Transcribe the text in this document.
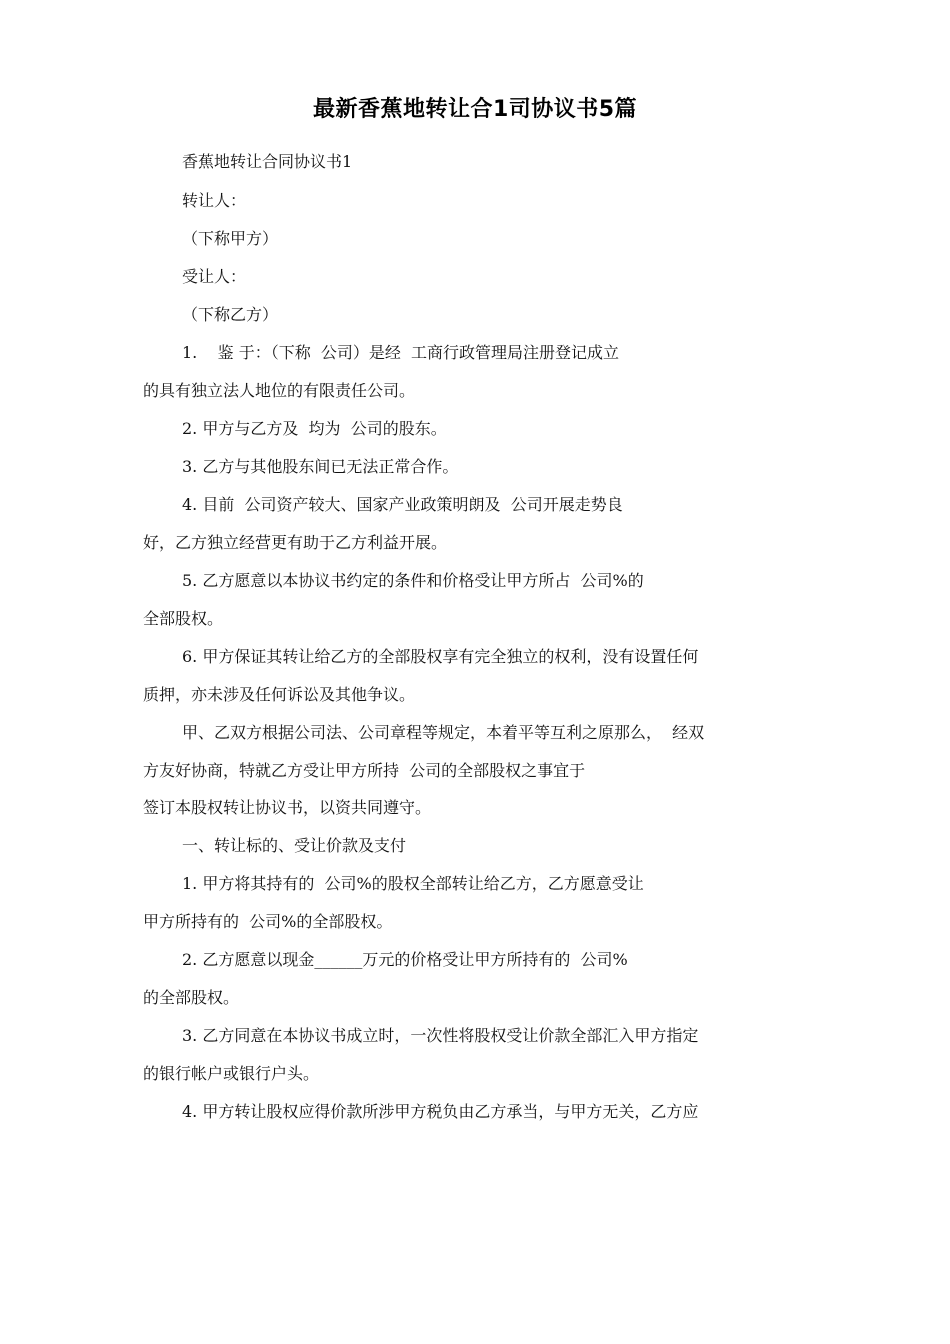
最新香蕉地转让合1司协议书5篇

香蕉地转让合同协议书1

转让人：

（下称甲方）

受让人：

（下称乙方）

1.    鉴 于：（下称  公司）是经  工商行政管理局注册登记成立

的具有独立法人地位的有限责任公司。

2. 甲方与乙方及  均为  公司的股东。

3. 乙方与其他股东间已无法正常合作。

4. 目前  公司资产较大、国家产业政策明朗及  公司开展走势良

好，乙方独立经营更有助于乙方利益开展。

5. 乙方愿意以本协议书约定的条件和价格受让甲方所占  公司%的

全部股权。

6. 甲方保证其转让给乙方的全部股权享有完全独立的权利，没有设置任何

质押，亦未涉及任何诉讼及其他争议。

甲、乙双方根据公司法、公司章程等规定，本着平等互利之原那么，  经双

方友好协商，特就乙方受让甲方所持  公司的全部股权之事宜于

签订本股权转让协议书，以资共同遵守。

一、转让标的、受让价款及支付

1. 甲方将其持有的  公司%的股权全部转让给乙方，乙方愿意受让

甲方所持有的  公司%的全部股权。

2. 乙方愿意以现金______万元的价格受让甲方所持有的  公司%

的全部股权。

3. 乙方同意在本协议书成立时，一次性将股权受让价款全部汇入甲方指定

的银行帐户或银行户头。

4. 甲方转让股权应得价款所涉甲方税负由乙方承当，与甲方无关，乙方应
